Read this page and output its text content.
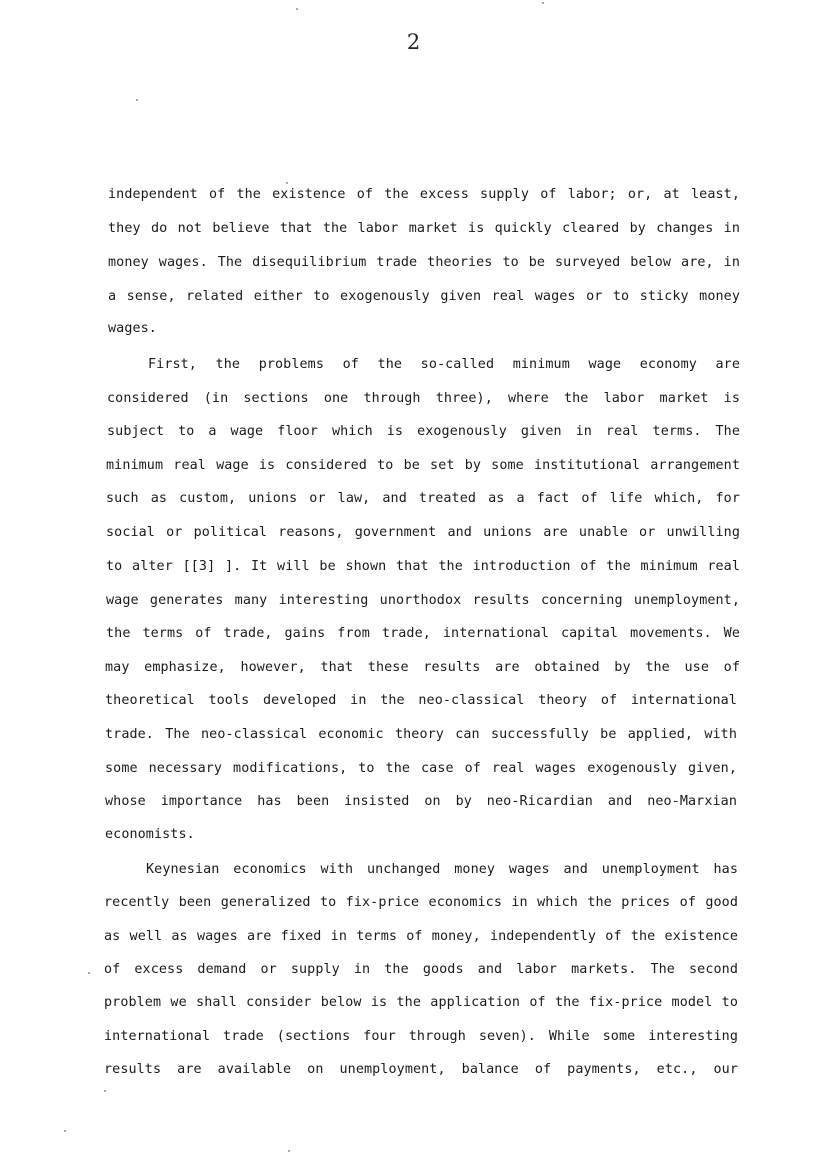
2
independent of the existence of the excess supply of labor; or, at least,
they do not believe that the labor market is quickly cleared by changes in
money wages. The disequilibrium trade theories to be surveyed below are, in
a sense, related either to exogenously given real wages or to sticky money
wages.
First, the problems of the so-called minimum wage economy are
considered (in sections one through three), where the labor market is
subject to a wage floor which is exogenously given in real terms. The
minimum real wage is considered to be set by some institutional arrangement
such as custom, unions or law, and treated as a fact of life which, for
social or political reasons, government and unions are unable or unwilling
to alter [[3] ]. It will be shown that the introduction of the minimum real
wage generates many interesting unorthodox results concerning unemployment,
the terms of trade, gains from trade, international capital movements. We
may emphasize, however, that these results are obtained by the use of
theoretical tools developed in the neo-classical theory of international
trade. The neo-classical economic theory can successfully be applied, with
some necessary modifications, to the case of real wages exogenously given,
whose importance has been insisted on by neo-Ricardian and neo-Marxian
economists.
Keynesian economics with unchanged money wages and unemployment has
recently been generalized to fix-price economics in which the prices of good
as well as wages are fixed in terms of money, independently of the existence
of excess demand or supply in the goods and labor markets. The second
problem we shall consider below is the application of the fix-price model to
international trade (sections four through seven). While some interesting
results are available on unemployment, balance of payments, etc., our
